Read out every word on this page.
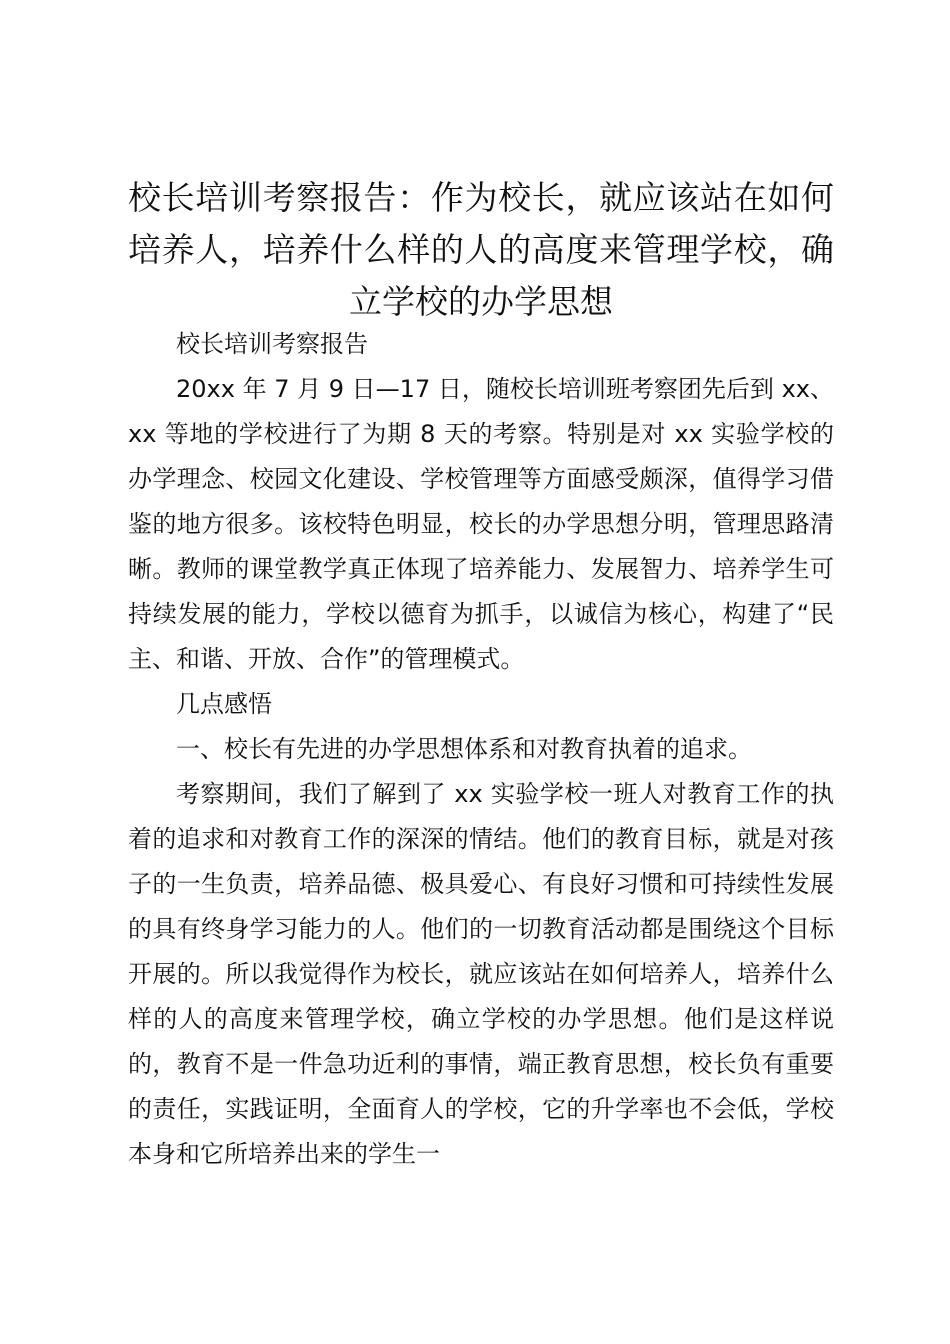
校长培训考察报告：作为校长，就应该站在如何培养人，培养什么样的人的高度来管理学校，确立学校的办学思想

校长培训考察报告

20xx 年 7 月 9 日—17 日，随校长培训班考察团先后到 xx、xx 等地的学校进行了为期 8 天的考察。特别是对 xx 实验学校的办学理念、校园文化建设、学校管理等方面感受颇深，值得学习借鉴的地方很多。该校特色明显，校长的办学思想分明，管理思路清晰。教师的课堂教学真正体现了培养能力、发展智力、培养学生可持续发展的能力，学校以德育为抓手，以诚信为核心，构建了“民主、和谐、开放、合作”的管理模式。

几点感悟

一、校长有先进的办学思想体系和对教育执着的追求。

考察期间，我们了解到了 xx 实验学校一班人对教育工作的执着的追求和对教育工作的深深的情结。他们的教育目标，就是对孩子的一生负责，培养品德、极具爱心、有良好习惯和可持续性发展的具有终身学习能力的人。他们的一切教育活动都是围绕这个目标开展的。所以我觉得作为校长，就应该站在如何培养人，培养什么样的人的高度来管理学校，确立学校的办学思想。他们是这样说的，教育不是一件急功近利的事情，端正教育思想，校长负有重要的责任，实践证明，全面育人的学校，它的升学率也不会低，学校本身和它所培养出来的学生一
